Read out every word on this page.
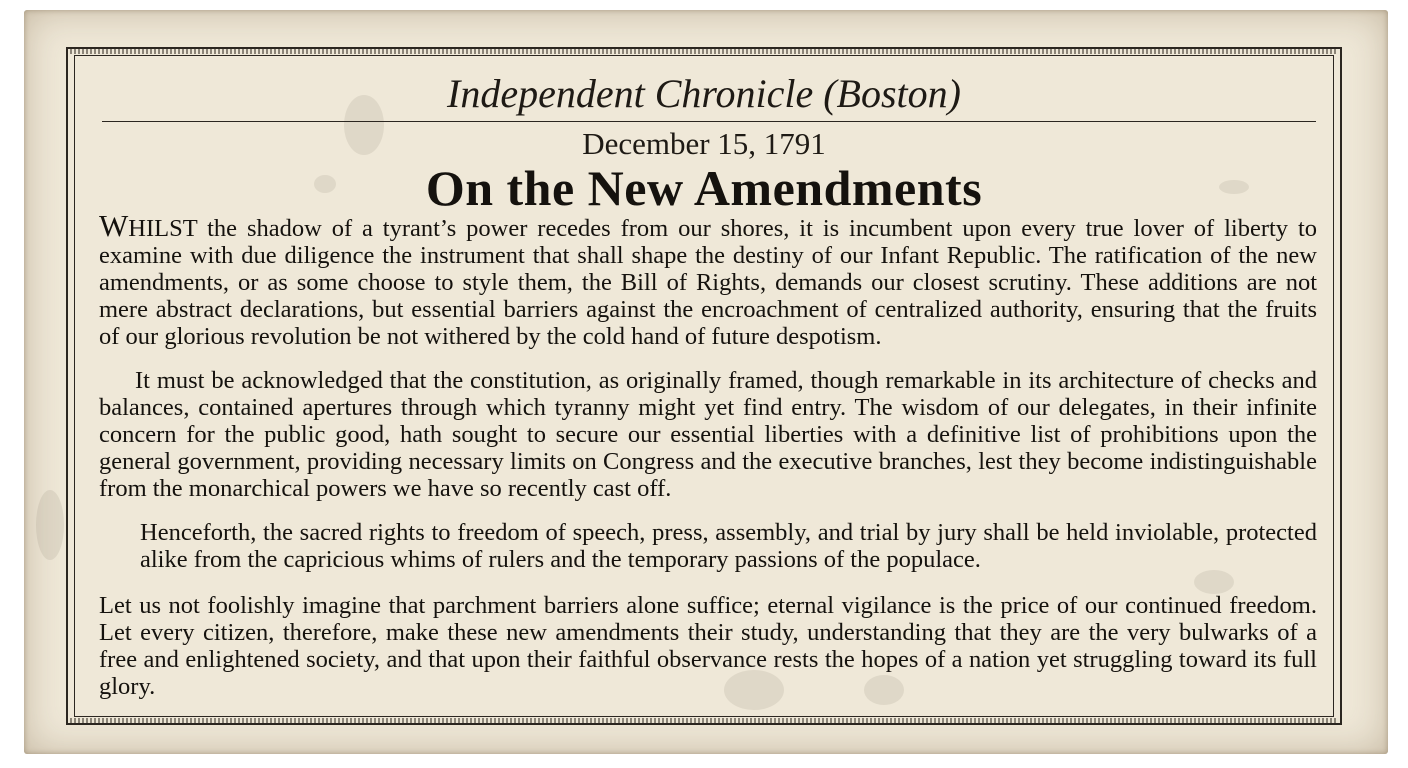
Independent Chronicle (Boston)
December 15, 1791
On the New Amendments

WHILST the shadow of a tyrant’s power recedes from our shores, it is incumbent upon every true lover of liberty to examine with due diligence the instrument that shall shape the destiny of our Infant Republic. The ratification of the new amendments, or as some choose to style them, the Bill of Rights, demands our closest scrutiny. These additions are not mere abstract declarations, but essential barriers against the encroachment of centralized authority, ensuring that the fruits of our glorious revolution be not withered by the cold hand of future despotism.

It must be acknowledged that the constitution, as originally framed, though remarkable in its architecture of checks and balances, contained apertures through which tyranny might yet find entry. The wisdom of our delegates, in their infinite concern for the public good, hath sought to secure our essential liberties with a definitive list of prohibitions upon the general government, providing necessary limits on Congress and the executive branches, lest they become indistinguishable from the monarchical powers we have so recently cast off.

Henceforth, the sacred rights to freedom of speech, press, assembly, and trial by jury shall be held inviolable, protected alike from the capricious whims of rulers and the temporary passions of the populace.

Let us not foolishly imagine that parchment barriers alone suffice; eternal vigilance is the price of our continued freedom. Let every citizen, therefore, make these new amendments their study, understanding that they are the very bulwarks of a free and enlightened society, and that upon their faithful observance rests the hopes of a nation yet struggling toward its full glory.
